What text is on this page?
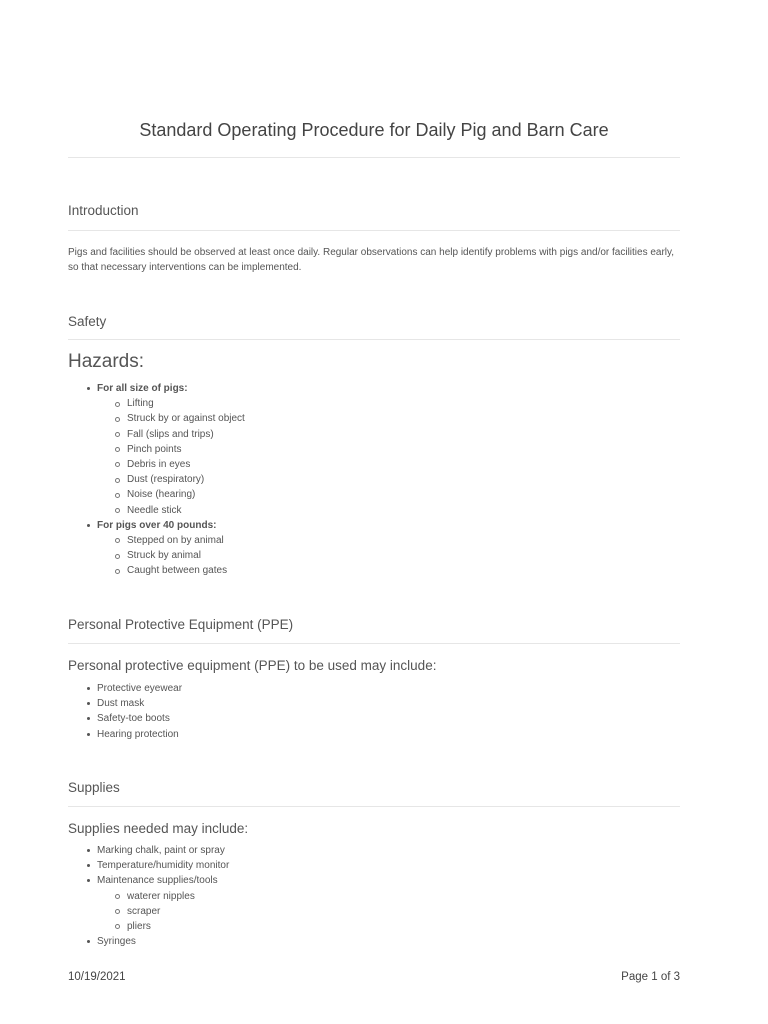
Standard Operating Procedure for Daily Pig and Barn Care
Introduction

Pigs and facilities should be observed at least once daily. Regular observations can help identify problems with pigs and/or facilities early, so that necessary interventions can be implemented.

Safety
Hazards:
For all size of pigs:
Lifting
Struck by or against object
Fall (slips and trips)
Pinch points
Debris in eyes
Dust (respiratory)
Noise (hearing)
Needle stick
For pigs over 40 pounds:
Stepped on by animal
Struck by animal
Caught between gates
Personal Protective Equipment (PPE)
Personal protective equipment (PPE) to be used may include:
Protective eyewear
Dust mask
Safety-toe boots
Hearing protection
Supplies
Supplies needed may include:
Marking chalk, paint or spray
Temperature/humidity monitor
Maintenance supplies/tools
waterer nipples
scraper
pliers
Syringes
10/19/2021	Page 1 of 3
